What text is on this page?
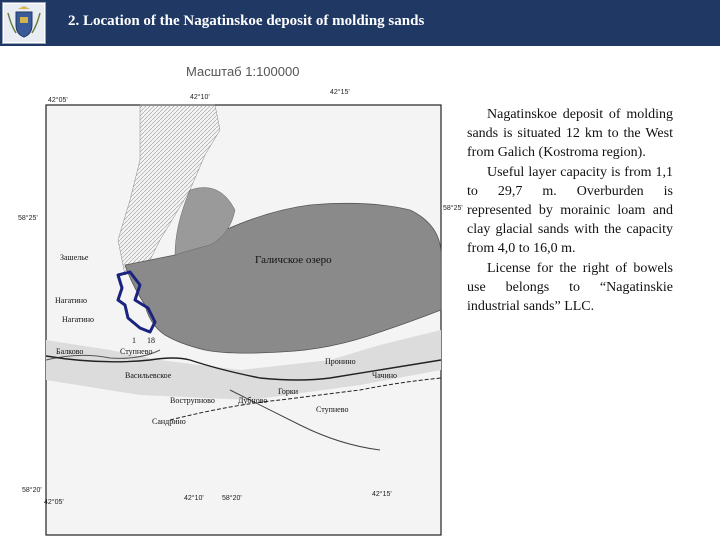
2. Location of the Nagatinskoe deposit of molding sands
Масштаб 1:100000
Галичское озеро
Зашелье
Нагатино
Нагатино
Балково	Ступнево
Пронино
Чачино
Васильевское
Горки
Вострупново	Дубново
Ступнево
Сандрино
1 18
42°05'	42°10'
42°15'
58°25'
58°25'
58°20'
42°05'
42°10'	58°20'
42°15'

Nagatinskoe deposit of molding sands is situated 12 km to the West from Galich (Kostroma region).

Useful layer capacity is from 1,1 to 29,7 m. Overburden is represented by morainic loam and clay glacial sands with the capacity from 4,0 to 16,0 m.

License for the right of bowels use belongs to “Nagatinskie industrial sands” LLC.
